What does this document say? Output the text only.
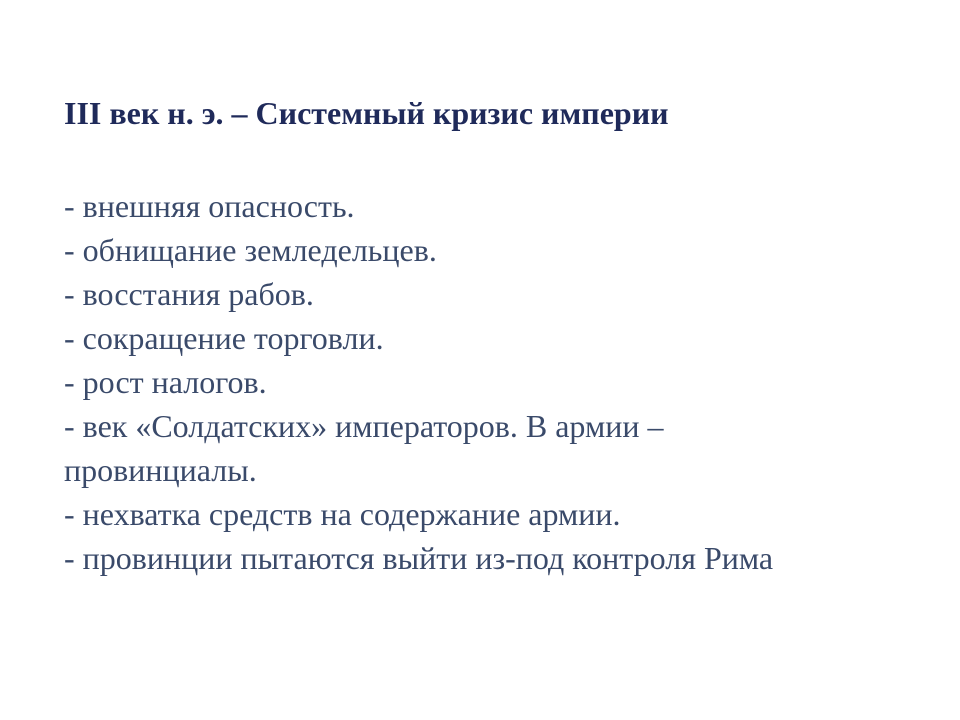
III век н. э. – Системный кризис империи
- внешняя опасность.
- обнищание земледельцев.
- восстания рабов.
- сокращение торговли.
- рост налогов.
- век «Солдатских» императоров. В армии –
провинциалы.
- нехватка средств на содержание армии.
- провинции пытаются выйти из-под контроля Рима
